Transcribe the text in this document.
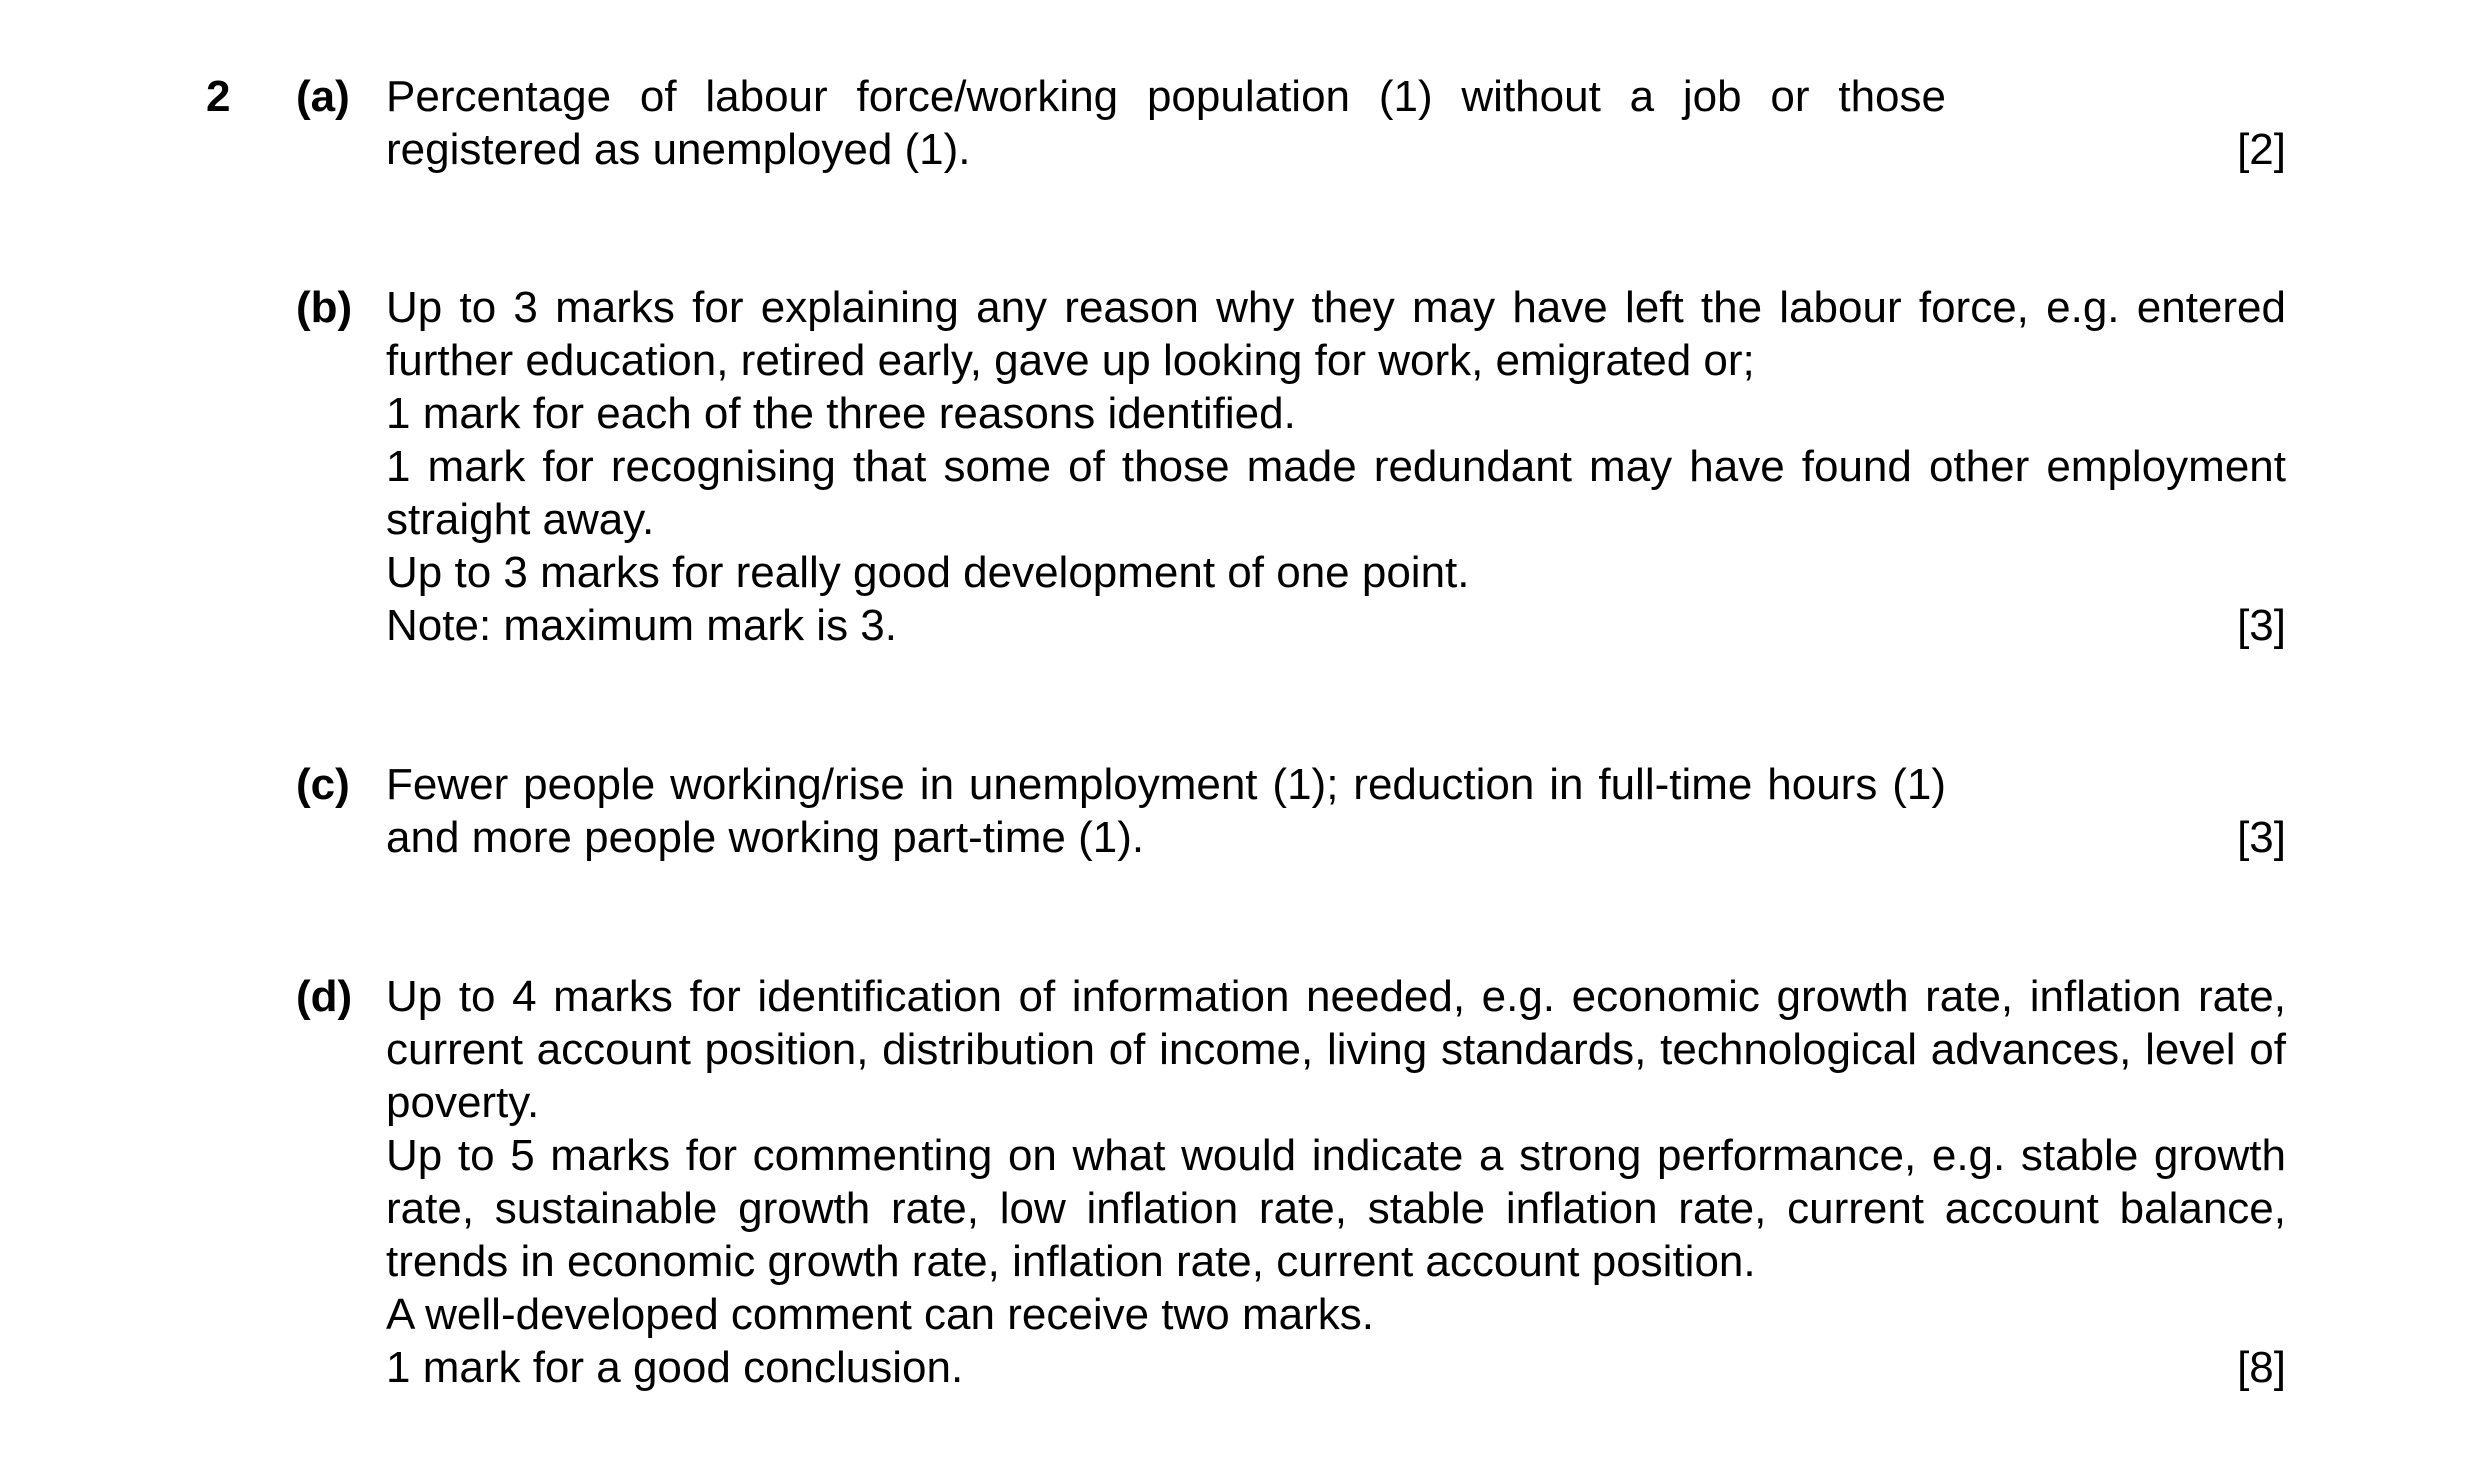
2 (a) Percentage of labour force/working population (1) without a job or those registered as unemployed (1).	[2]
(b) Up to 3 marks for explaining any reason why they may have left the labour force, e.g. entered further education, retired early, gave up looking for work, emigrated or;

1 mark for each of the three reasons identified.

1 mark for recognising that some of those made redundant may have found other employment straight away.

Up to 3 marks for really good development of one point.

Note: maximum mark is 3.	[3]
(c) Fewer people working/rise in unemployment (1); reduction in full-time hours (1) and more people working part-time (1).	[3]
(d) Up to 4 marks for identification of information needed, e.g. economic growth rate, inflation rate, current account position, distribution of income, living standards, technological advances, level of poverty.

Up to 5 marks for commenting on what would indicate a strong performance, e.g. stable growth rate, sustainable growth rate, low inflation rate, stable inflation rate, current account balance, trends in economic growth rate, inflation rate, current account position.

A well-developed comment can receive two marks.

1 mark for a good conclusion.	[8]
